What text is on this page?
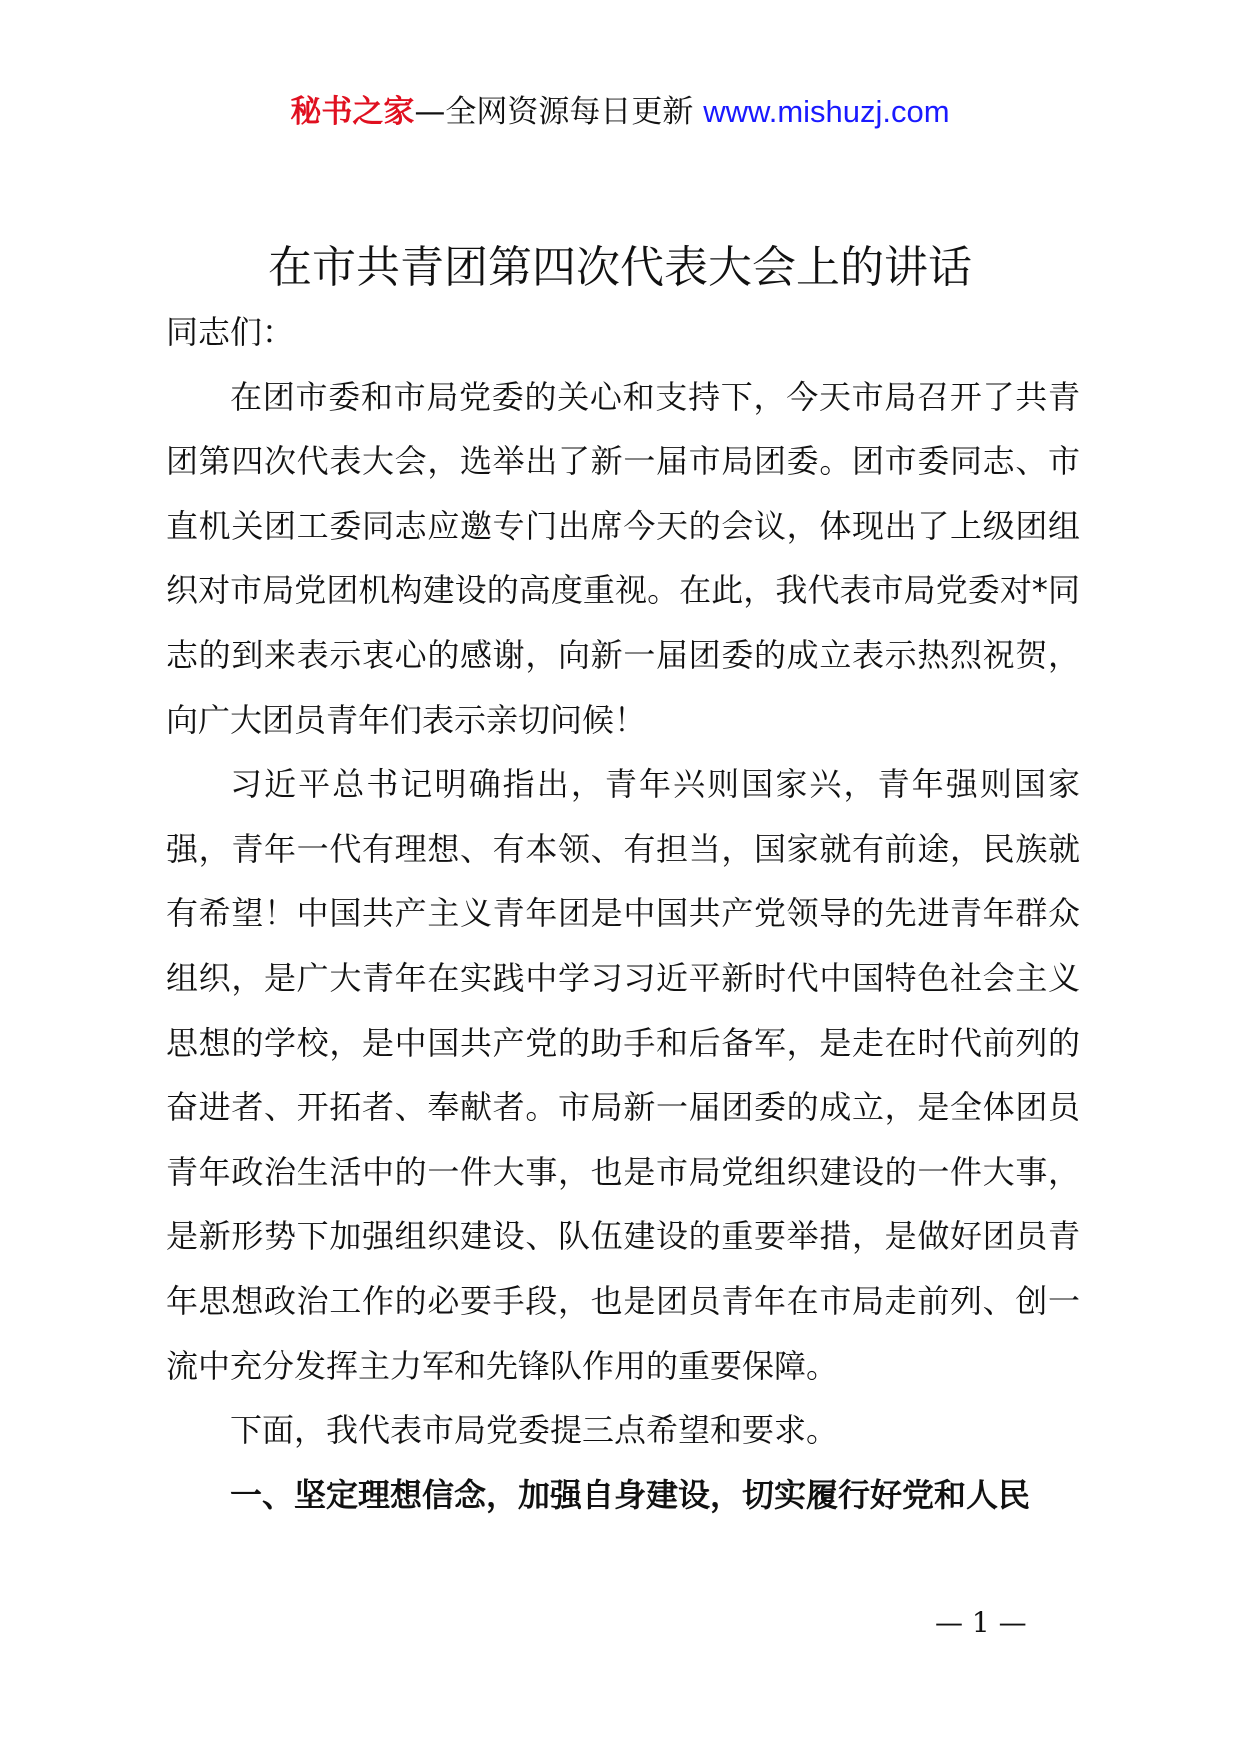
秘书之家—全网资源每日更新 www.mishuzj.com
在市共青团第四次代表大会上的讲话

同志们：

在团市委和市局党委的关心和支持下，今天市局召开了共青团第四次代表大会，选举出了新一届市局团委。团市委同志、市直机关团工委同志应邀专门出席今天的会议，体现出了上级团组织对市局党团机构建设的高度重视。在此，我代表市局党委对*同志的到来表示衷心的感谢，向新一届团委的成立表示热烈祝贺，向广大团员青年们表示亲切问候！

习近平总书记明确指出，青年兴则国家兴，青年强则国家强，青年一代有理想、有本领、有担当，国家就有前途，民族就有希望！中国共产主义青年团是中国共产党领导的先进青年群众组织，是广大青年在实践中学习习近平新时代中国特色社会主义思想的学校，是中国共产党的助手和后备军，是走在时代前列的奋进者、开拓者、奉献者。市局新一届团委的成立，是全体团员青年政治生活中的一件大事，也是市局党组织建设的一件大事，是新形势下加强组织建设、队伍建设的重要举措，是做好团员青年思想政治工作的必要手段，也是团员青年在市局走前列、创一流中充分发挥主力军和先锋队作用的重要保障。

下面，我代表市局党委提三点希望和要求。

一、坚定理想信念，加强自身建设，切实履行好党和人民

— 1 —
